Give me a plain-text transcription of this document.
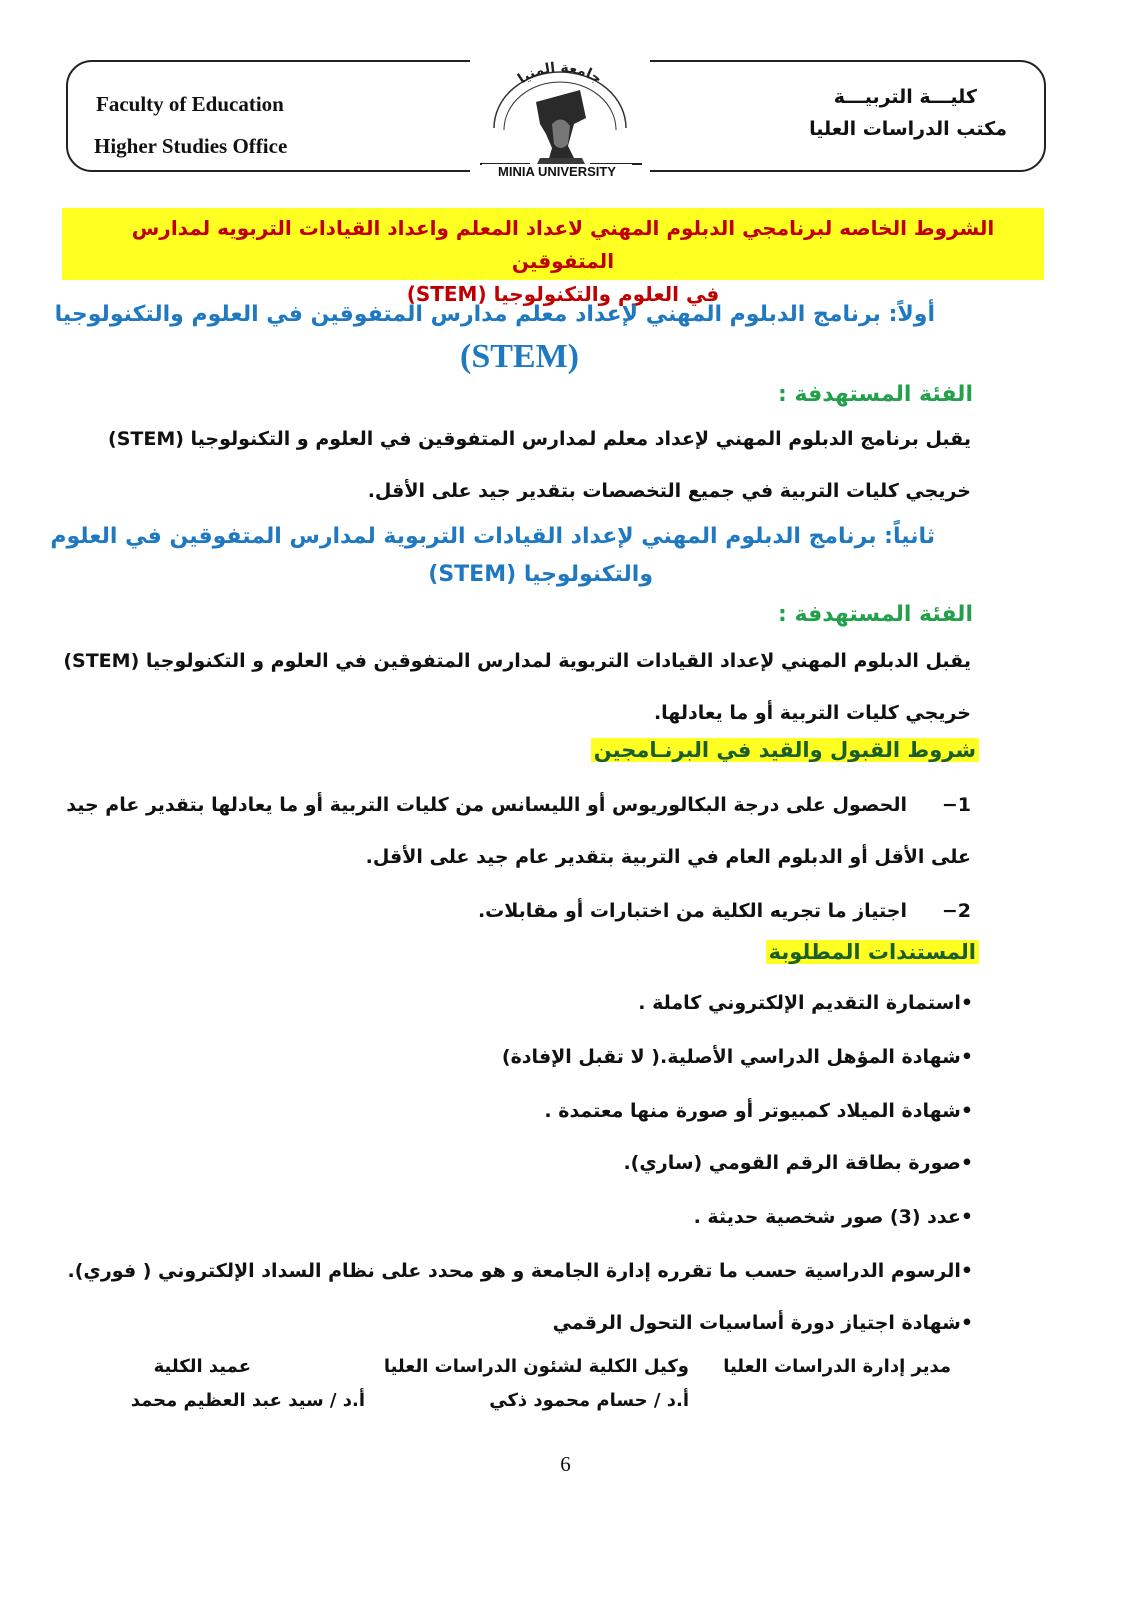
Faculty of Education
Higher Studies Office
كليـــة التربيـــة
مكتب الدراسات العليا
جامعة المنيا
MINIA UNIVERSITY
الشروط الخاصه لبرنامجي الدبلوم المهني لاعداد المعلم واعداد القيادات التربويه لمدارس المتفوقين
في العلوم والتكنولوجيا (STEM)
أولاً: برنامج الدبلوم المهني لإعداد معلم مدارس المتفوقين في العلوم والتكنولوجيا
(STEM)
الفئة المستهدفة :
يقبل برنامج الدبلوم المهني لإعداد معلم لمدارس المتفوقين في العلوم و التكنولوجيا (STEM)
خريجي كليات التربية في جميع التخصصات بتقدير جيد على الأقل.
ثانياً: برنامج الدبلوم المهني لإعداد القيادات التربوية لمدارس المتفوقين في العلوم
والتكنولوجيا (STEM)
الفئة المستهدفة :
يقبل الدبلوم المهني لإعداد القيادات التربوية لمدارس المتفوقين في العلوم و التكنولوجيا (STEM)
خريجي كليات التربية أو ما يعادلها.
شروط القبول والقيد في البرنـامجين
1−
الحصول على درجة البكالوريوس أو الليسانس من كليات التربية أو ما يعادلها بتقدير عام جيد
على الأقل أو الدبلوم العام في التربية بتقدير عام جيد على الأقل.
2−
اجتياز ما تجريه الكلية من اختبارات أو مقابلات.
المستندات المطلوبة
•استمارة التقديم الإلكتروني كاملة .
•شهادة المؤهل الدراسي الأصلية.( لا تقبل الإفادة)
•شهادة الميلاد كمبيوتر أو صورة منها معتمدة .
•صورة بطاقة الرقم القومي (ساري).
•عدد (3) صور شخصية حديثة .
•الرسوم الدراسية حسب ما تقرره إدارة الجامعة و هو محدد على نظام السداد الإلكتروني ( فوري).
•شهادة اجتياز دورة أساسيات التحول الرقمي
مدير إدارة الدراسات العليا
وكيل الكلية لشئون الدراسات العليا
عميد الكلية
أ.د / حسام محمود ذكي
أ.د / سيد عبد العظيم محمد
6
